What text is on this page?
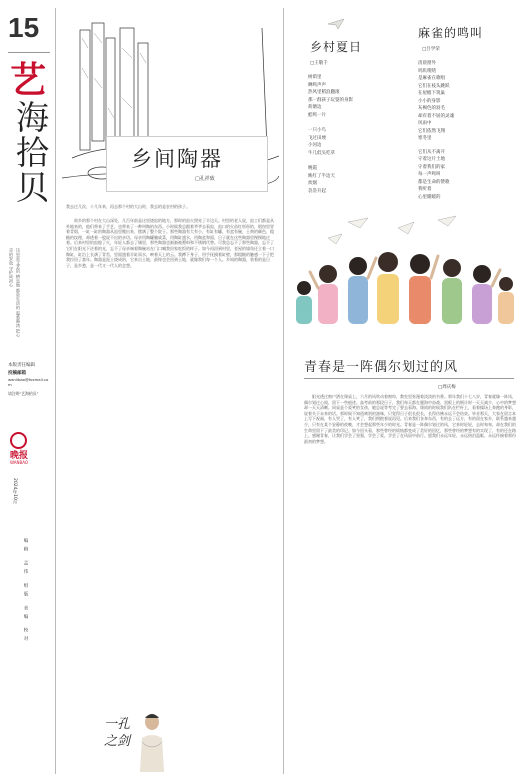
15
艺
海拾贝
这里是文艺的 栖息地 都是生活的 温柔港湾 把心灵的安放 守护成初心
本版责任编辑
投稿邮箱
wanlibao@foxmail.com
请注明“艺海拾贝”
晚报
WANBAO
2024年10月
编辑 孟伟 组版 美编 校对
乡间陶器
□孔祥致
我去过几次，十几年来，再去那个村的大山时，我去的是农村的孩子。
故乡的那个村在大山深处，几百年前是这里烧窑的地方，那时的窑火照亮了半边天。村里的老人说，窑工们都是从外地来的，他们带来了手艺，也带来了一种叫陶的东西。小时候我总跟着爷爷去看窑，窑口的火苗红彤彤的，烟囱里冒着青烟，一缸一缸的陶器从窑里搬出来，摆满了整个院子。那些陶器有大有小，有缸有罐，有盆有碗，土黄的颜色，粗糙的纹理，却透着一股说不出的亲切。母亲用陶罐腌咸菜，用陶缸盛水，用陶盆和面，日子就在这些陶器里慢慢地过着。后来村里的窑熄了火，年轻人都去了城里，那些陶器也渐渐被塑料和不锈钢代替。可我总忘不了那些陶器，忘不了它们在阳光下泛着的光，忘不了母亲端着陶碗站在门口喊我回家吃饭的样子。如今再回到村里，老屋的墙角还立着一口陶缸，缸沿上长满了青苔，里面盛着半缸雨水，映着天上的云。我蹲下身子，用手抚摸着缸壁，那粗糙的触感一下子把我拉回了童年。陶器是泥土烧成的，它来自土地，最终也会回到土地，就像我们每一个人。乡间的陶器，装着的是日子，是乡愁，是一代又一代人的念想。
一孔之剑
乡村夏日
□王敬千
树荫里
蝉鸣声声
热风里稻浪翻滚
那一群孩子玩耍的身影
荷塘边
蛙鸣一片
一只小鸟
飞过田埂
小河边
牛儿低头吃草
晚霞
映红了半边天
炊烟
袅袅升起
麻雀的鸣叫
□吕学荣
清晨窗外
叽叽喳喳
是麻雀在歌唱
它们在枝头跳跃
在屋檐下筑巢
小小的身影
灰褐色的羽毛
却有着不屈的灵魂
风雨中
它们依然飞翔
寒冬里
它们从不离开
守着这片土地
守着我们的家
每一声鸣叫
都是生命的赞歌
我听着
心里暖暖的
青春是一阵偶尔划过的风
□周庆梅
阳光透过窗户洒在课桌上，六月的风吹动着窗帘，教室里弥漫着淡淡的书香。那年我们十七八岁，青春就像一阵风，偶尔划过心间，留下一些痕迹。高考前的那段日子，我们每天都在题海中奋战，黑板上的倒计时一天天减少，心中的梦想却一天天清晰。同桌是个爱笑的女孩，她总说等考完了要去看海。课间的时候我们趴在栏杆上，看着操场上奔跑的身影，说着关于未来的话。那时候不知道离别的滋味，只觉得日子很长很长，长得仿佛永远不会结束。毕业那天，大家在留言本上写下祝福，有人哭了，有人笑了，我们拥抱着说再见。后来我们各奔东西，有的去了远方，有的留在家乡，联系越来越少，只有在某个安静的夜晚，才会想起那些年少的时光。青春是一阵偶尔划过的风，它来时轻轻，去时匆匆，却在我们的生命里留下了最美的印记。如今回头看，那些曾经的烦恼都变成了美好的回忆，那些曾经的梦想有的实现了，有的还在路上。感谢青春，让我们学会了坚强，学会了爱，学会了在风雨中前行。愿我们永远年轻，永远热泪盈眶，永远怀揣着那份最初的梦想。
